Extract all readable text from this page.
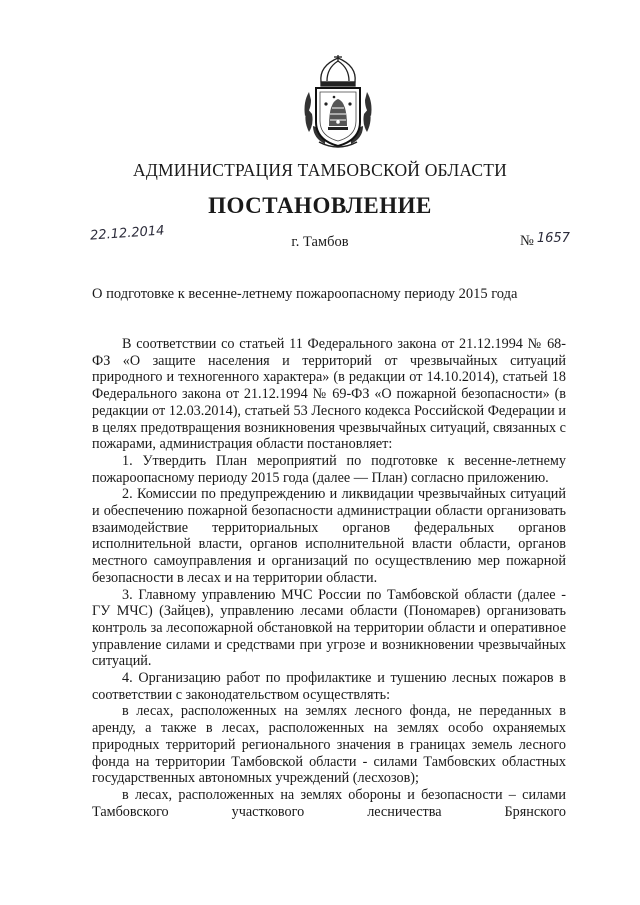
АДМИНИСТРАЦИЯ ТАМБОВСКОЙ ОБЛАСТИ
ПОСТАНОВЛЕНИЕ
22.12.2014	г. Тамбов	№ 1657
О подготовке к весенне-летнему пожароопасному периоду 2015 года

В соответствии со статьей 11 Федерального закона от 21.12.1994 № 68-ФЗ «О защите населения и территорий от чрезвычайных ситуаций природного и техногенного характера» (в редакции от 14.10.2014), статьей 18 Федерального закона от 21.12.1994 № 69-ФЗ «О пожарной безопасности» (в редакции от 12.03.2014), статьей 53 Лесного кодекса Российской Федерации и в целях предотвращения возникновения чрезвычайных ситуаций, связанных с пожарами, администрация области постановляет:

1. Утвердить План мероприятий по подготовке к весенне-летнему пожароопасному периоду 2015 года (далее — План) согласно приложению.

2. Комиссии по предупреждению и ликвидации чрезвычайных ситуаций и обеспечению пожарной безопасности администрации области организовать взаимодействие территориальных органов федеральных органов исполнительной власти, органов исполнительной власти области, органов местного самоуправления и организаций по осуществлению мер пожарной безопасности в лесах и на территории области.

3. Главному управлению МЧС России по Тамбовской области (далее - ГУ МЧС) (Зайцев), управлению лесами области (Пономарев) организовать контроль за лесопожарной обстановкой на территории области и оперативное управление силами и средствами при угрозе и возникновении чрезвычайных ситуаций.

4. Организацию работ по профилактике и тушению лесных пожаров в соответствии с законодательством осуществлять:

в лесах, расположенных на землях лесного фонда, не переданных в аренду, а также в лесах, расположенных на землях особо охраняемых природных территорий регионального значения в границах земель лесного фонда на территории Тамбовской области - силами Тамбовских областных государственных автономных учреждений (лесхозов);

в лесах, расположенных на землях обороны и безопасности – силами Тамбовского участкового лесничества Брянского
